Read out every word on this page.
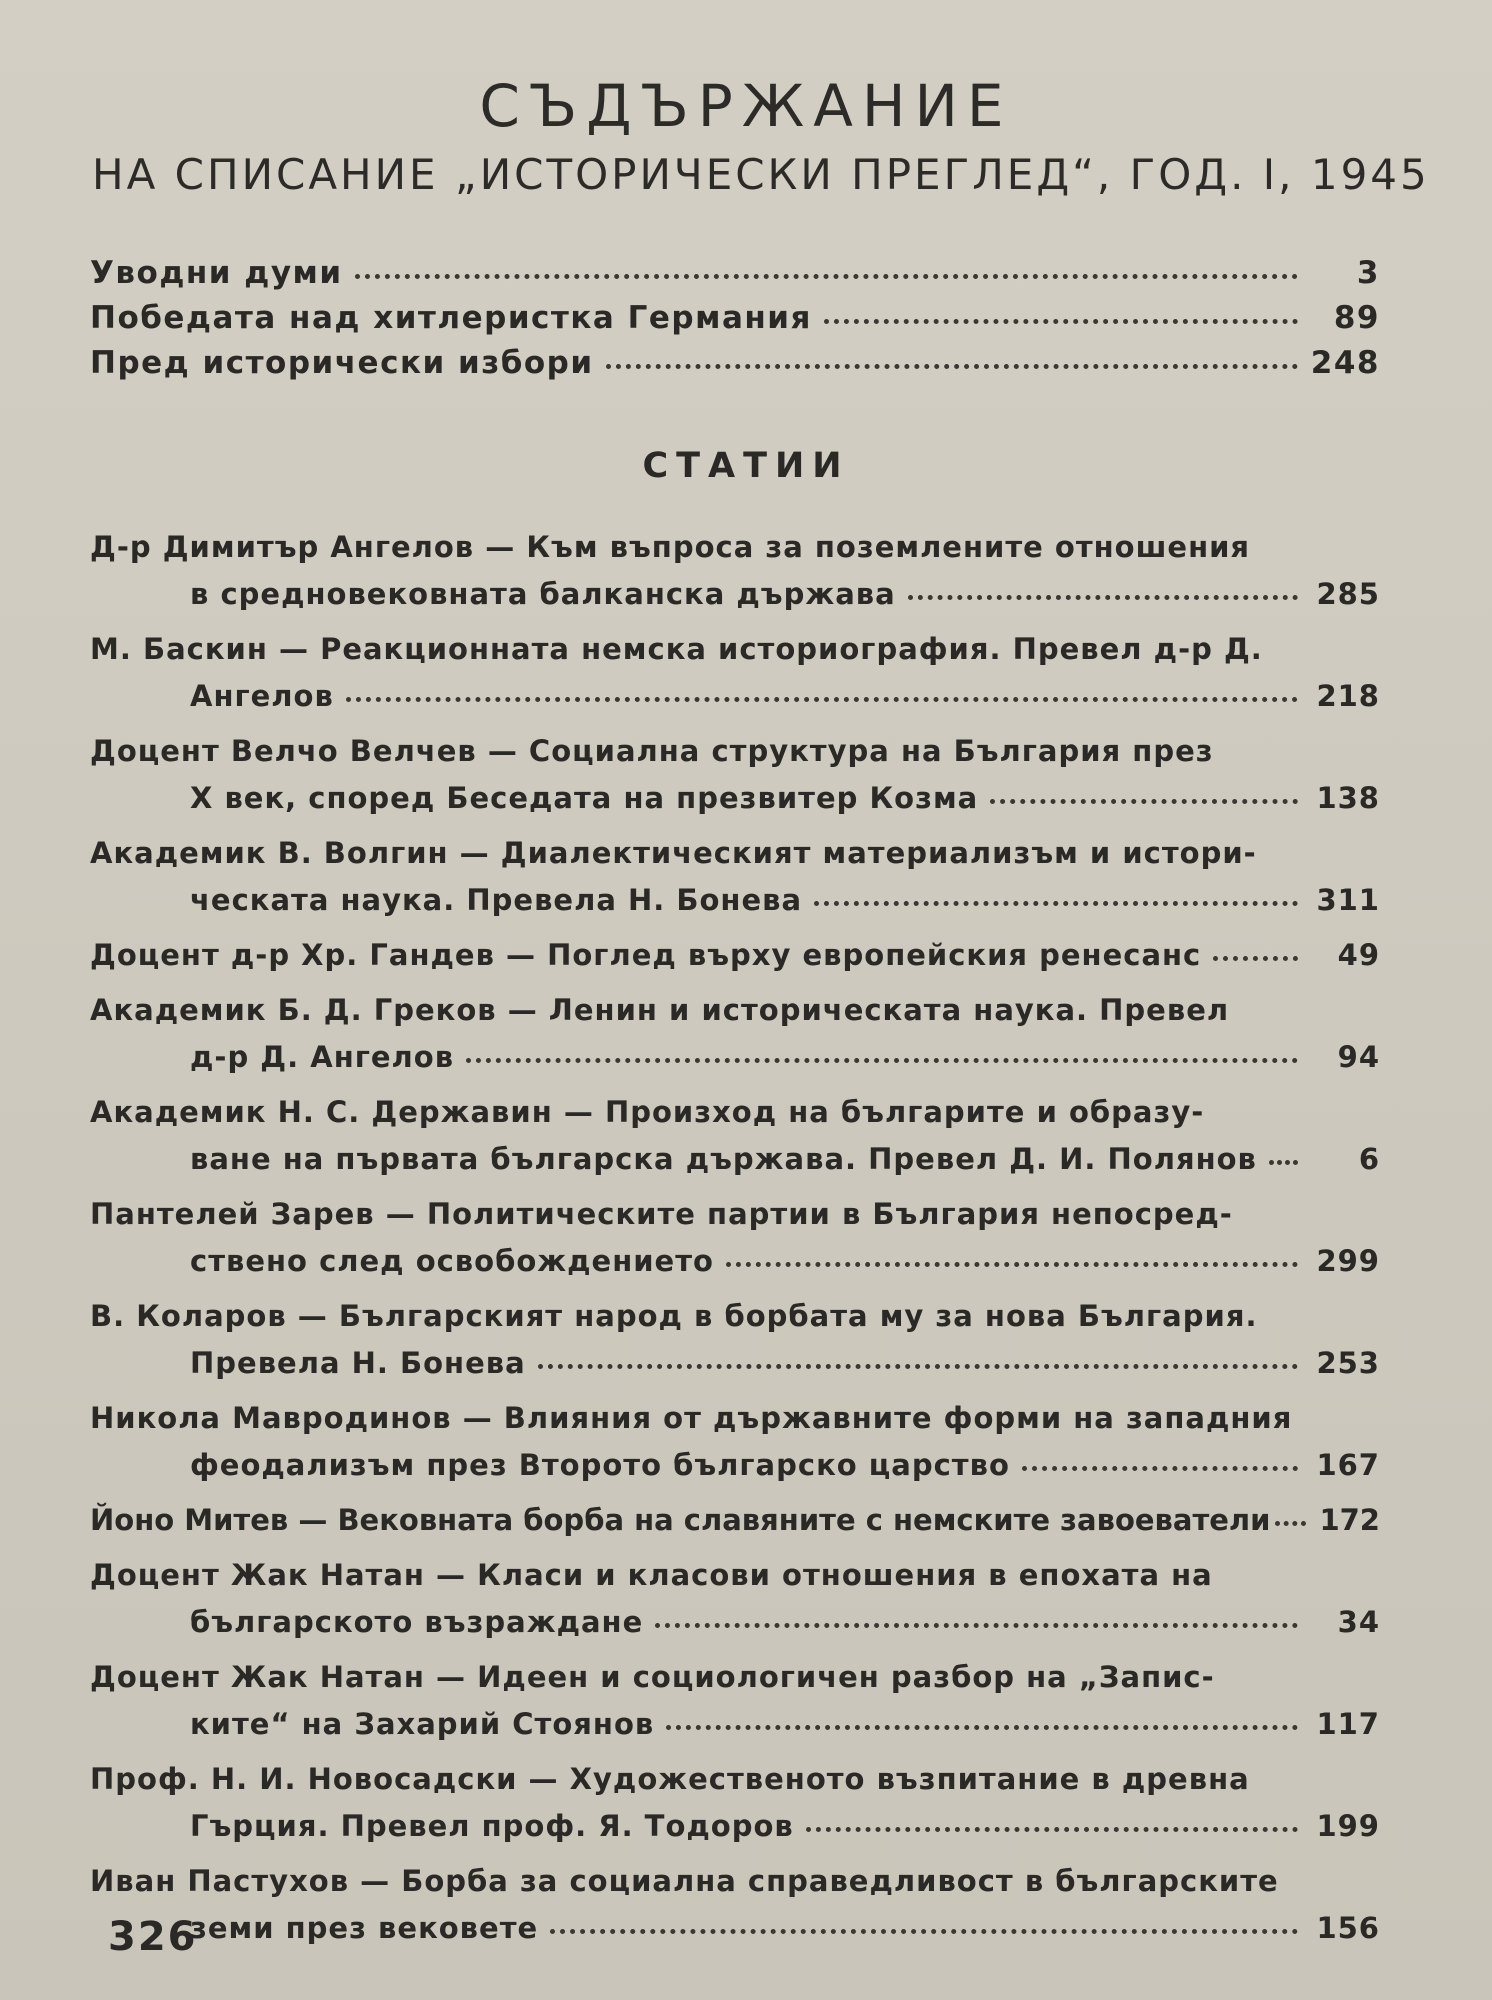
СЪДЪРЖАНИЕ
НА СПИСАНИЕ „ИСТОРИЧЕСКИ ПРЕГЛЕД“, ГОД. I, 1945
Уводни думи	3
Победата над хитлеристка Германия	89
Пред исторически избори	248
СТАТИИ
Д-р Димитър Ангелов — Към въпроса за поземлените отношения
в средновековната балканска държава	285
М. Баскин — Реакционната немска историография. Превел д-р Д.
Ангелов	218
Доцент Велчо Велчев — Социална структура на България през
X век, според Беседата на презвитер Козма	138
Академик В. Волгин — Диалектическият материализъм и истори-
ческата наука. Превела Н. Бонева	311
Доцент д-р Хр. Гандев — Поглед върху европейския ренесанс	49
Академик Б. Д. Греков — Ленин и историческата наука. Превел
д-р Д. Ангелов	94
Академик Н. С. Державин — Произход на българите и образу-
ване на първата българска държава. Превел Д. И. Полянов	6
Пантелей Зарев — Политическите партии в България непосред-
ствено след освобождението	299
В. Коларов — Българският народ в борбата му за нова България.
Превела Н. Бонева	253
Никола Мавродинов — Влияния от държавните форми на западния
феодализъм през Второто българско царство	167
Йоно Митев — Вековната борба на славяните с немските завоеватели	172
Доцент Жак Натан — Класи и класови отношения в епохата на
българското възраждане	34
Доцент Жак Натан — Идеен и социологичен разбор на „Запис-
ките“ на Захарий Стоянов	117
Проф. Н. И. Новосадски — Художественото възпитание в древна
Гърция. Превел проф. Я. Тодоров	199
Иван Пастухов — Борба за социална справедливост в българските
земи през вековете	156
326
